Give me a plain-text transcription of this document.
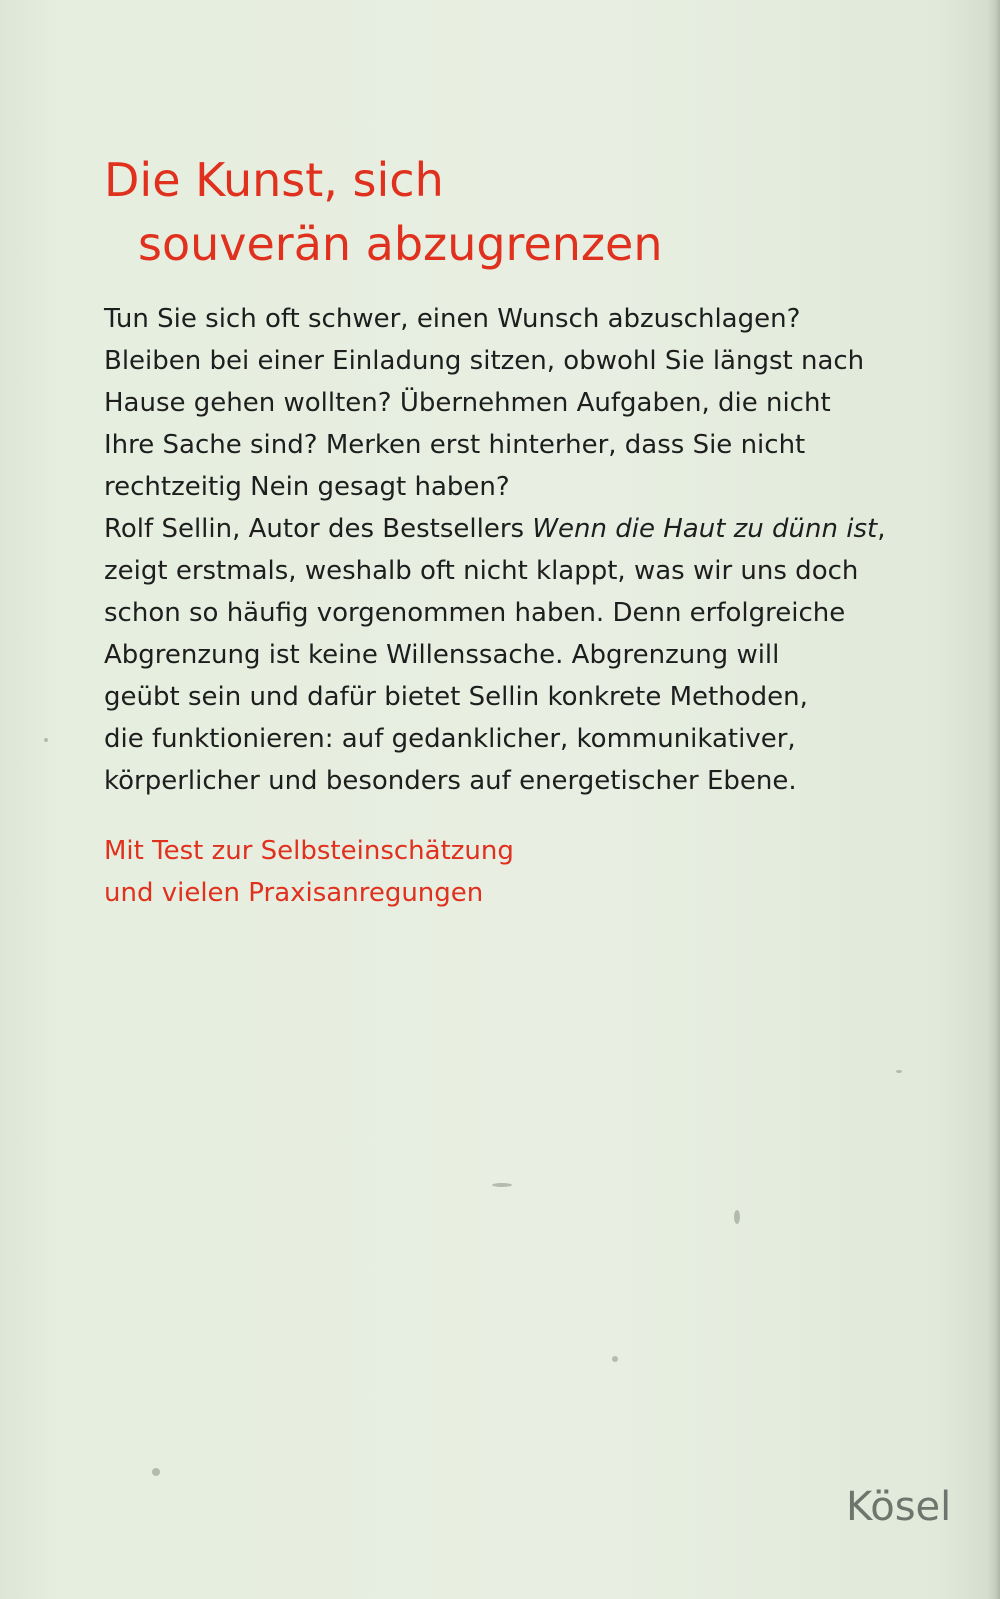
Die Kunst, sich
souverän abzugrenzen
Tun Sie sich oft schwer, einen Wunsch abzuschlagen?
Bleiben bei einer Einladung sitzen, obwohl Sie längst nach
Hause gehen wollten? Übernehmen Aufgaben, die nicht
Ihre Sache sind? Merken erst hinterher, dass Sie nicht
rechtzeitig Nein gesagt haben?
Rolf Sellin, Autor des Bestsellers Wenn die Haut zu dünn ist,
zeigt erstmals, weshalb oft nicht klappt, was wir uns doch
schon so häufig vorgenommen haben. Denn erfolgreiche
Abgrenzung ist keine Willenssache. Abgrenzung will
geübt sein und dafür bietet Sellin konkrete Methoden,
die funktionieren: auf gedanklicher, kommunikativer,
körperlicher und besonders auf energetischer Ebene.
Mit Test zur Selbsteinschätzung
und vielen Praxisanregungen
Kösel
